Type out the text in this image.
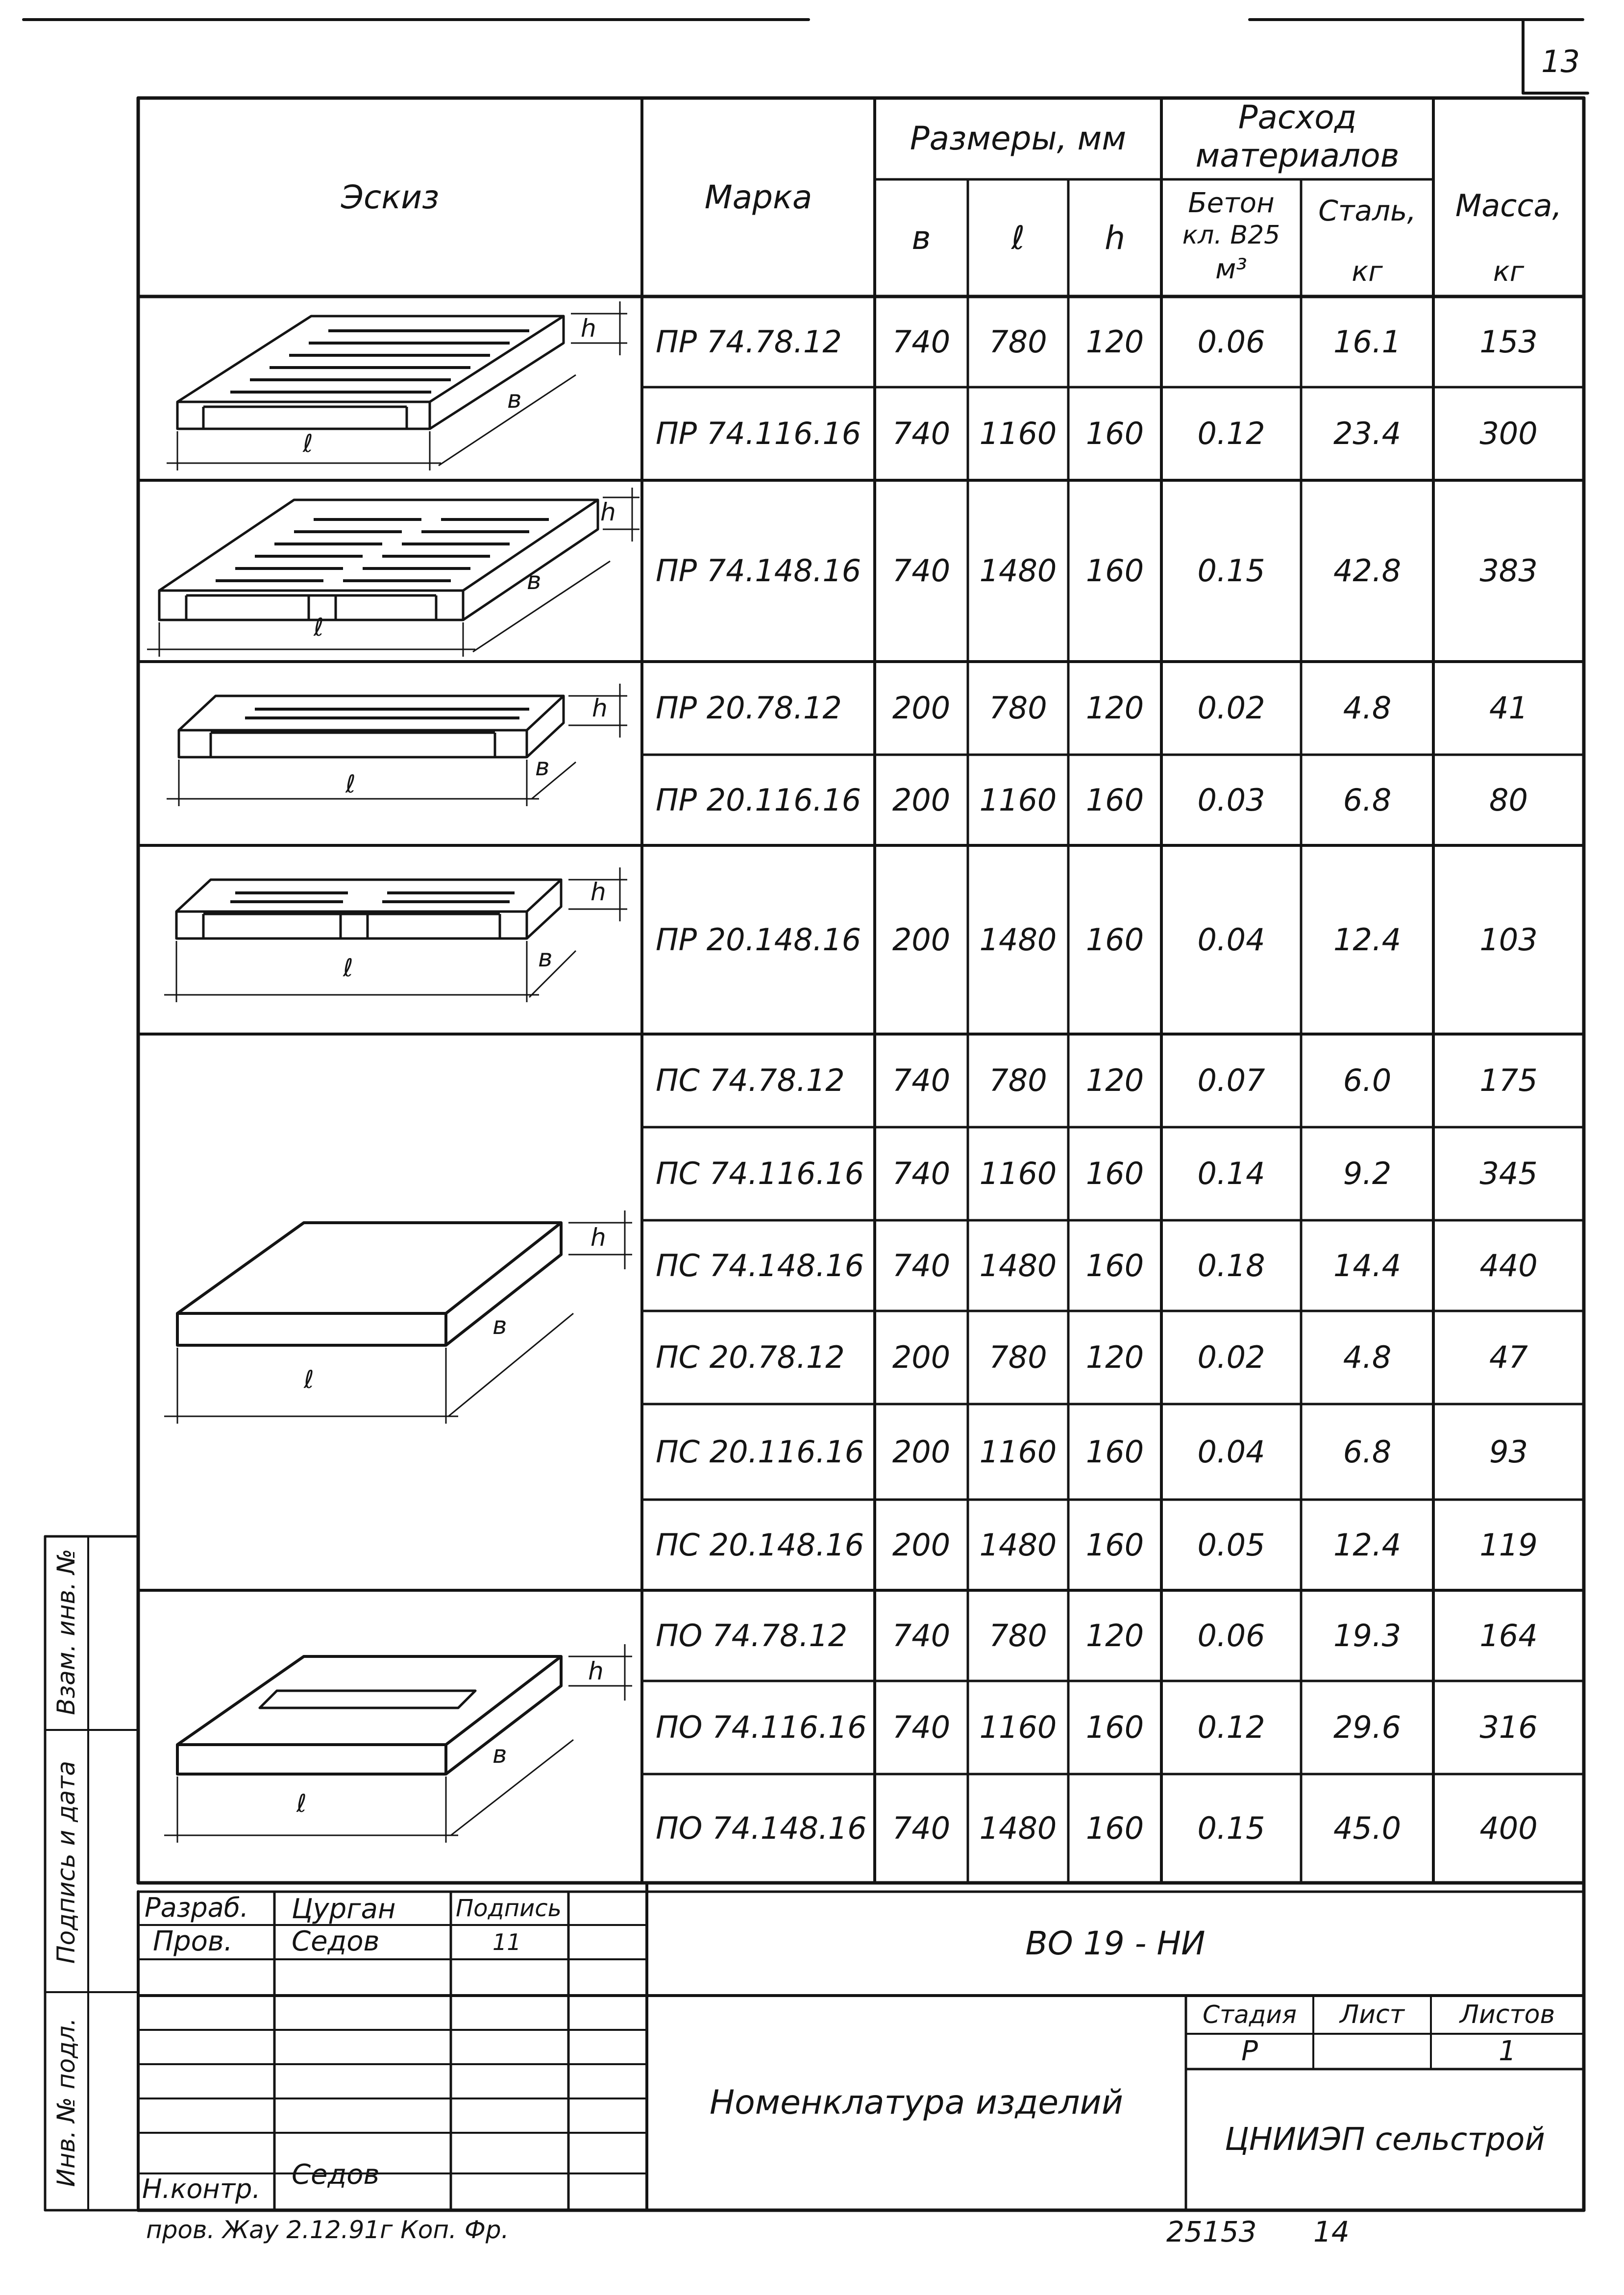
ℓ
в
h
ℓ
в
h
ℓ
в
h
ℓ	в
h
ℓ
в
h
ℓ
в
h
13
Эскиз	Марка
Размеры, мм
в	ℓ	h
Расход
материалов
Бетон
кл. В25
м³
Сталь,
кг
Масса,
кг
ПР 74.78.12	740	780	120	0.06	16.1	153
ПР 74.116.16	740 1160 160	0.12	23.4	300
ПР 74.148.16	740 1480 160	0.15	42.8	383
ПР 20.78.12	200	780	120	0.02	4.8	41
ПР 20.116.16	200 1160 160	0.03	6.8	80
ПР 20.148.16	200 1480 160	0.04	12.4	103
ПС 74.78.12	740	780	120	0.07	6.0	175
ПС 74.116.16 740 1160 160	0.14	9.2	345
ПС 74.148.16 740 1480 160	0.18	14.4	440
ПС 20.78.12	200	780	120	0.02	4.8	47
ПС 20.116.16 200 1160 160	0.04	6.8	93
ПС 20.148.16 200 1480 160	0.05	12.4	119
ПО 74.78.12	740	780	120	0.06	19.3	164
ПО 74.116.16 740 1160 160	0.12	29.6	316
ПО 74.148.16 740 1480 160	0.15	45.0	400
Взам. инв. №
Подпись и дата
Инв. № подл.
Разраб. Цурган	Подпись
Пров. Седов	11
Н.контр. Седов
ВО 19 - НИ
Номенклатура изделий
Стадия	Лист	Листов
Р	1
ЦНИИЭП сельстрой
пров. Жау 2.12.91г Коп. Фр.	25153 14
